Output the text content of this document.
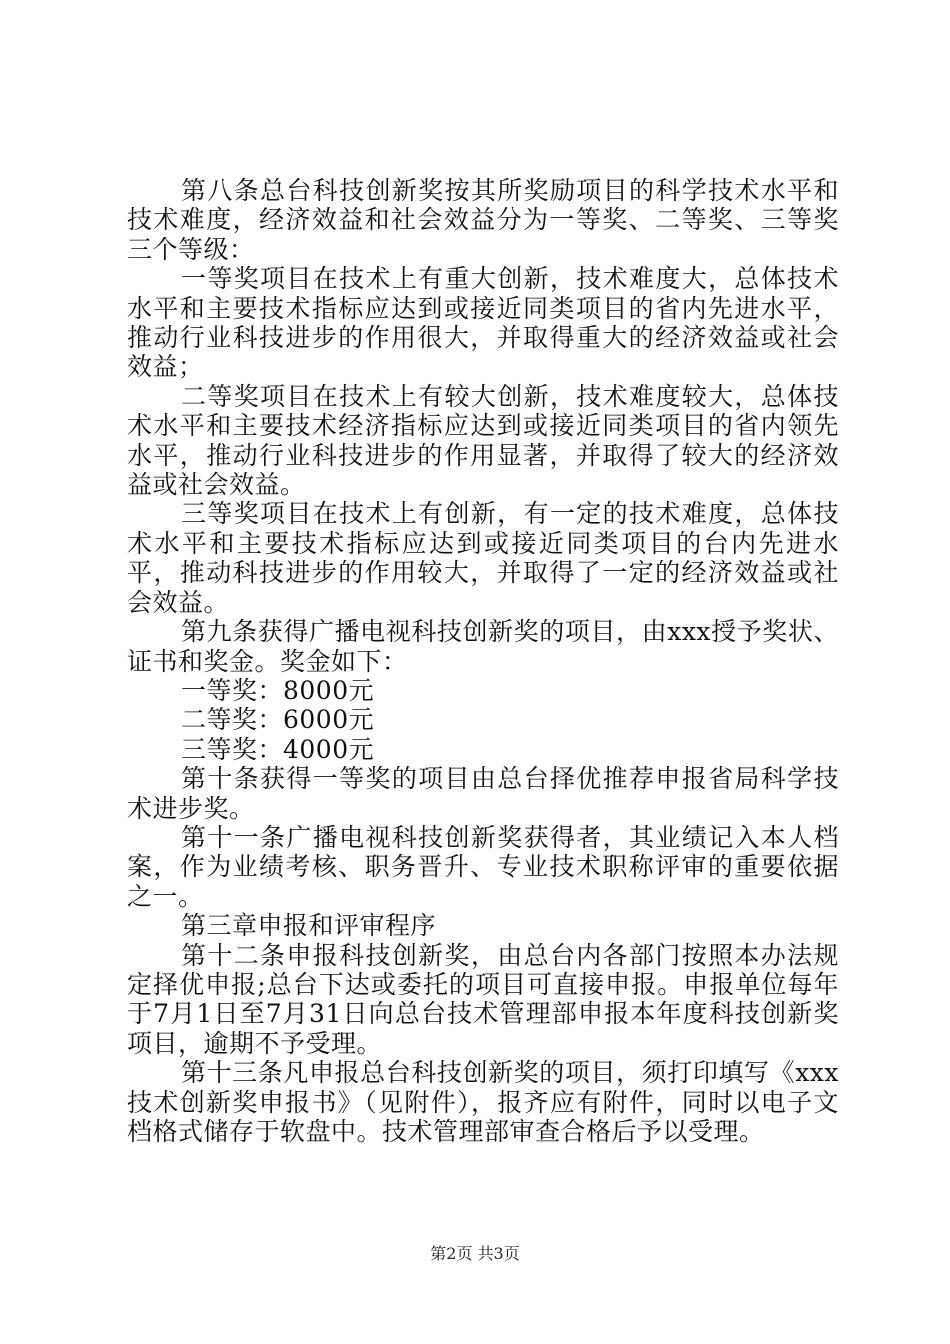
第八条总台科技创新奖按其所奖励项目的科学技术水平和技术难度，经济效益和社会效益分为一等奖、二等奖、三等奖三个等级：

一等奖项目在技术上有重大创新，技术难度大，总体技术水平和主要技术指标应达到或接近同类项目的省内先进水平，推动行业科技进步的作用很大，并取得重大的经济效益或社会效益；

二等奖项目在技术上有较大创新，技术难度较大，总体技术水平和主要技术经济指标应达到或接近同类项目的省内领先水平，推动行业科技进步的作用显著，并取得了较大的经济效益或社会效益。

三等奖项目在技术上有创新，有一定的技术难度，总体技术水平和主要技术指标应达到或接近同类项目的台内先进水平，推动科技进步的作用较大，并取得了一定的经济效益或社会效益。

第九条获得广播电视科技创新奖的项目，由xxx授予奖状、证书和奖金。奖金如下：

一等奖：8000元

二等奖：6000元

三等奖：4000元

第十条获得一等奖的项目由总台择优推荐申报省局科学技术进步奖。

第十一条广播电视科技创新奖获得者，其业绩记入本人档案，作为业绩考核、职务晋升、专业技术职称评审的重要依据之一。

第三章申报和评审程序

第十二条申报科技创新奖，由总台内各部门按照本办法规定择优申报;总台下达或委托的项目可直接申报。申报单位每年于7月1日至7月31日向总台技术管理部申报本年度科技创新奖项目，逾期不予受理。

第十三条凡申报总台科技创新奖的项目，须打印填写《xxx技术创新奖申报书》（见附件），报齐应有附件，同时以电子文档格式储存于软盘中。技术管理部审查合格后予以受理。

第2页 共3页
